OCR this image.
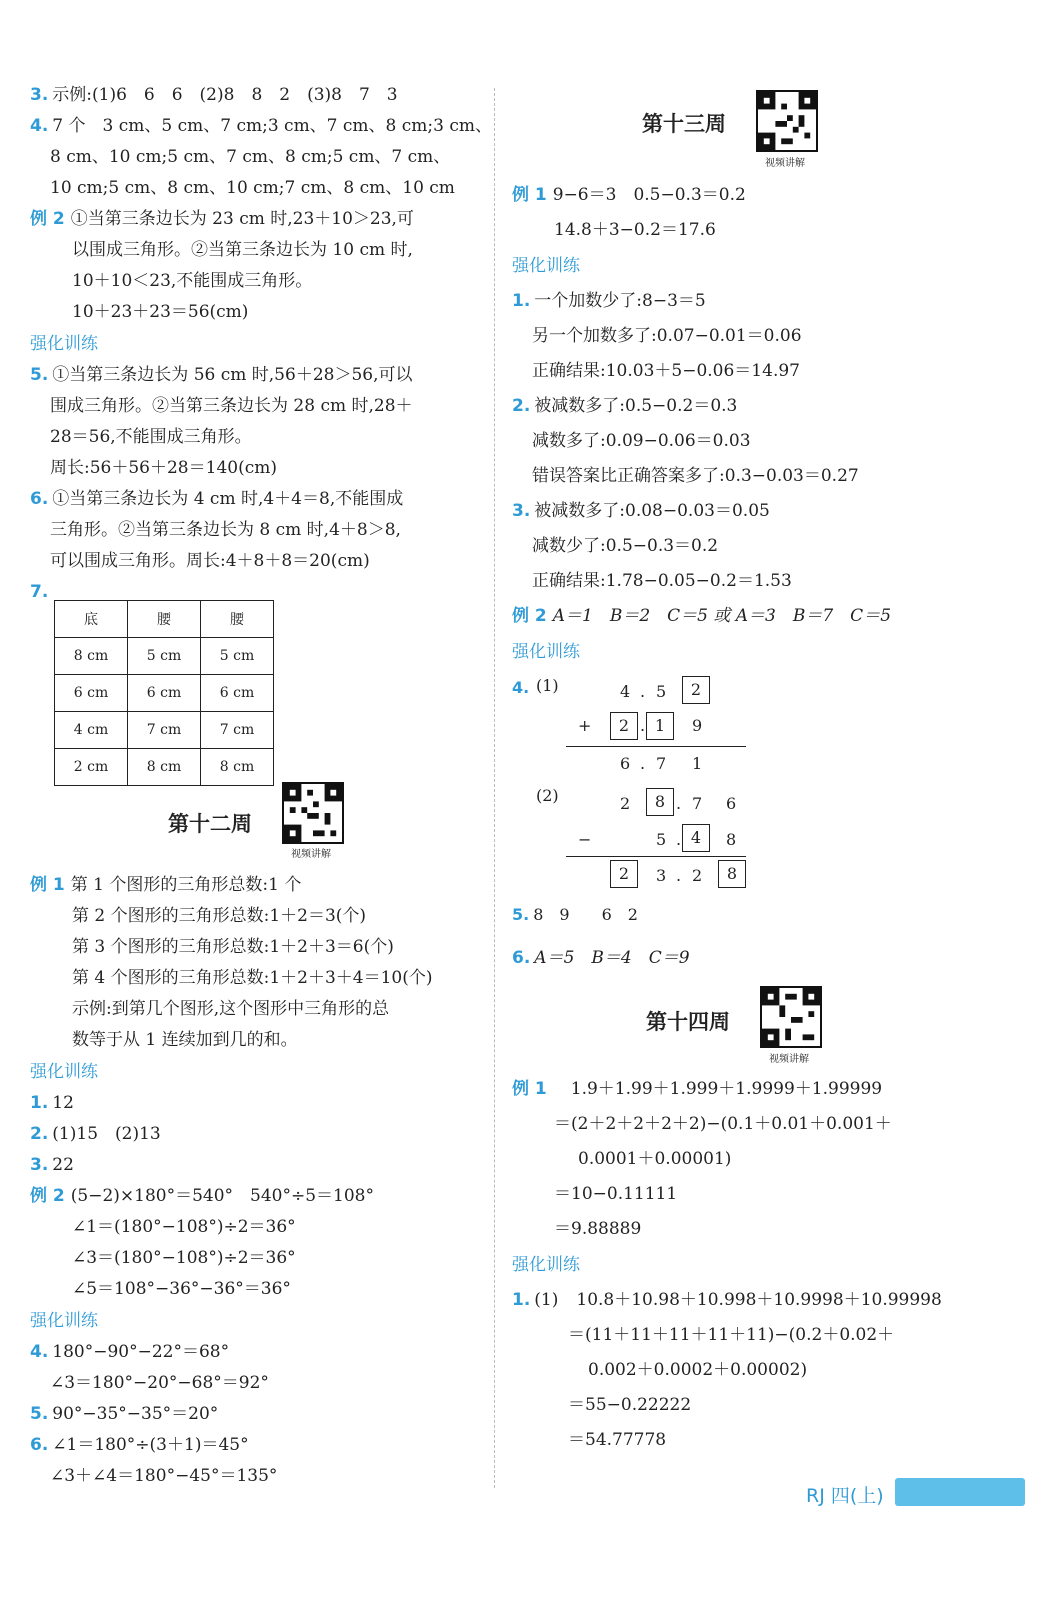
3. 示例:(1)6　6　6　(2)8　8　2　(3)8　7　3
4. 7 个　3 cm、5 cm、7 cm;3 cm、7 cm、8 cm;3 cm、
8 cm、10 cm;5 cm、7 cm、8 cm;5 cm、7 cm、
10 cm;5 cm、8 cm、10 cm;7 cm、8 cm、10 cm
例 2 ①当第三条边长为 23 cm 时,23＋10＞23,可
以围成三角形。②当第三条边长为 10 cm 时,
10＋10＜23,不能围成三角形。
10＋23＋23＝56(cm)
强化训练
5. ①当第三条边长为 56 cm 时,56＋28＞56,可以
围成三角形。②当第三条边长为 28 cm 时,28＋
28＝56,不能围成三角形。
周长:56＋56＋28＝140(cm)
6. ①当第三条边长为 4 cm 时,4＋4＝8,不能围成
三角形。②当第三条边长为 8 cm 时,4＋8＞8,
可以围成三角形。周长:4＋8＋8＝20(cm)
7.
底	腰	腰
8 cm	5 cm	5 cm
6 cm	6 cm	6 cm
4 cm	7 cm	7 cm
2 cm	8 cm	8 cm
第十二周
视频讲解
例 1 第 1 个图形的三角形总数:1 个
第 2 个图形的三角形总数:1＋2＝3(个)
第 3 个图形的三角形总数:1＋2＋3＝6(个)
第 4 个图形的三角形总数:1＋2＋3＋4＝10(个)
示例:到第几个图形,这个图形中三角形的总
数等于从 1 连续加到几的和。
强化训练
1. 12
2. (1)15　(2)13
3. 22
例 2 (5−2)×180°＝540°　540°÷5＝108°
∠1＝(180°−108°)÷2＝36°
∠3＝(180°−108°)÷2＝36°
∠5＝108°−36°−36°＝36°
强化训练
4. 180°−90°−22°＝68°
∠3＝180°−20°−68°＝92°
5. 90°−35°−35°＝20°
6. ∠1＝180°÷(3＋1)＝45°
∠3＋∠4＝180°−45°＝135°
第十三周
视频讲解
例 1 9−6＝3　0.5−0.3＝0.2
14.8＋3−0.2＝17.6
强化训练
1. 一个加数少了:8−3＝5
另一个加数多了:0.07−0.01＝0.06
正确结果:10.03＋5−0.06＝14.97
2. 被减数多了:0.5−0.2＝0.3
减数多了:0.09−0.06＝0.03
错误答案比正确答案多了:0.3−0.03＝0.27
3. 被减数多了:0.08−0.03＝0.05
减数少了:0.5−0.3＝0.2
正确结果:1.78−0.05−0.2＝1.53
例 2 A＝1　B＝2　C＝5 或 A＝3　B＝7　C＝5
强化训练
4. (1)	4 . 5	2
+	2 . 1	9
6 . 7 1
(2)	2	8 . 7 6
−	5 . 4	8
2	3 . 2	8
5. 8　9　　6　2
6. A＝5　B＝4　C＝9
第十四周
视频讲解
例 1 1.9＋1.99＋1.999＋1.9999＋1.99999
＝(2＋2＋2＋2＋2)−(0.1＋0.01＋0.001＋
0.0001＋0.00001)
＝10−0.11111
＝9.88889
强化训练
1. (1) 10.8＋10.98＋10.998＋10.9998＋10.99998
＝(11＋11＋11＋11＋11)−(0.2＋0.02＋
0.002＋0.0002＋0.00002)
＝55−0.22222
＝54.77778
RJ 四(上)
